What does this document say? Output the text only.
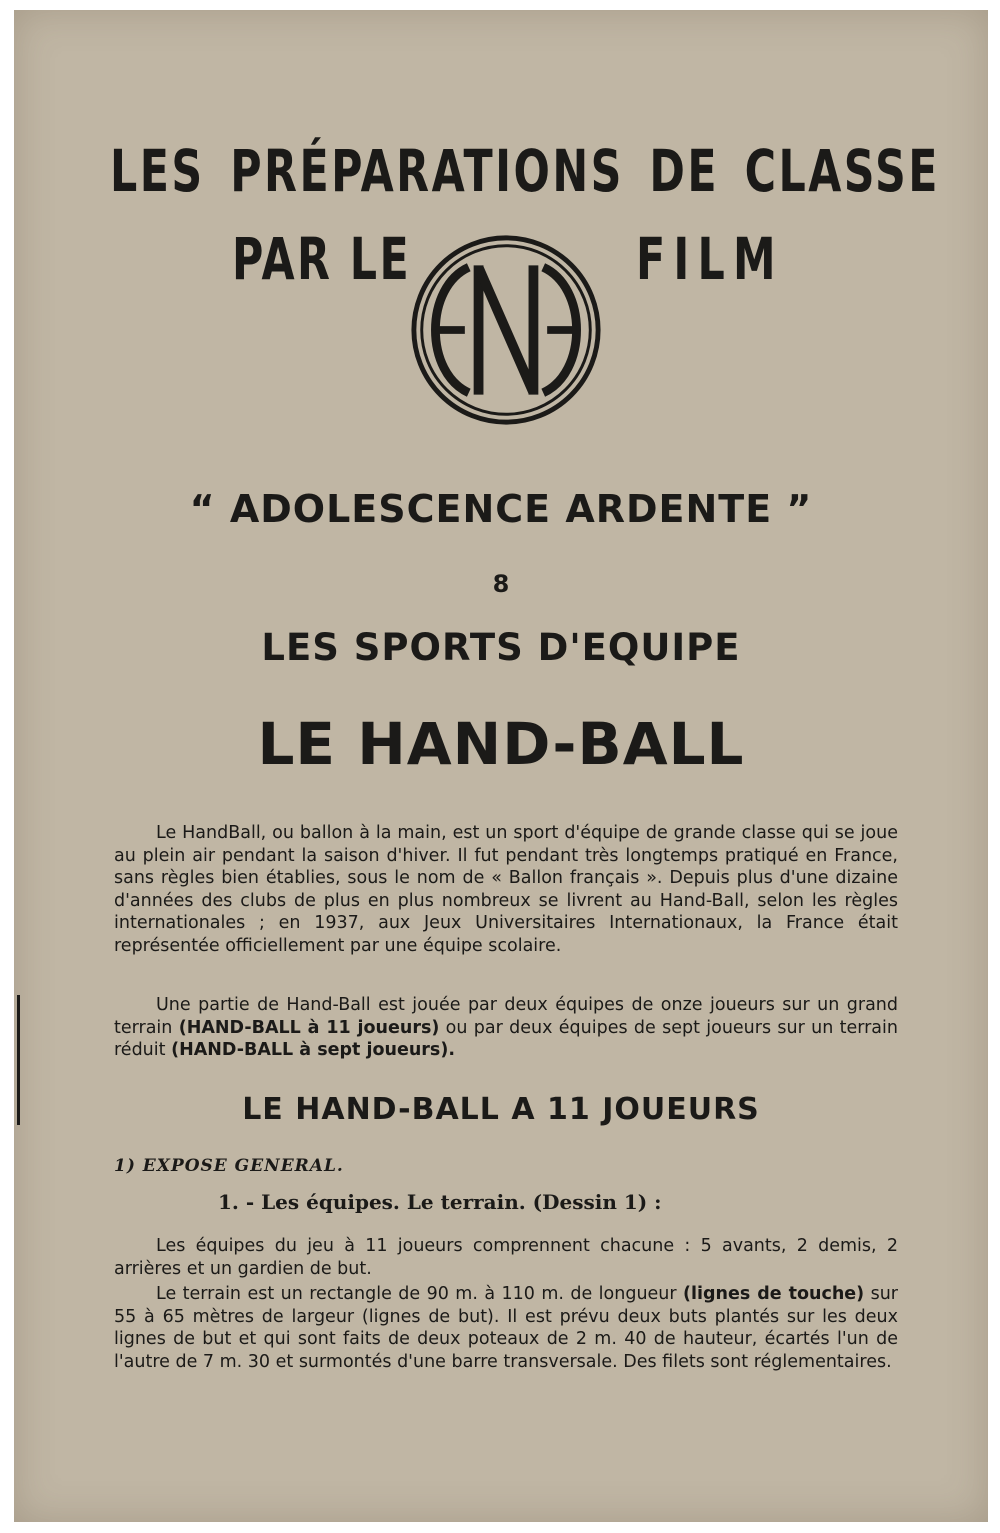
LES PRÉPARATIONS DE CLASSE
PAR LE	FILM
“ ADOLESCENCE ARDENTE ”
8
LES SPORTS D'EQUIPE
LE HAND-BALL

Le HandBall, ou ballon à la main, est un sport d'équipe de grande classe qui se joue au plein air pendant la saison d'hiver. Il fut pendant très longtemps pratiqué en France, sans règles bien établies, sous le nom de « Ballon français ». Depuis plus d'une dizaine d'années des clubs de plus en plus nombreux se livrent au Hand-Ball, selon les règles internationales ; en 1937, aux Jeux Universitaires Internationaux, la France était représentée officiellement par une équipe scolaire.

Une partie de Hand-Ball est jouée par deux équipes de onze joueurs sur un grand terrain (HAND-BALL à 11 joueurs) ou par deux équipes de sept joueurs sur un terrain réduit (HAND-BALL à sept joueurs).

LE HAND-BALL A 11 JOUEURS
1) EXPOSE GENERAL.
1. - Les équipes. Le terrain. (Dessin 1) :

Les équipes du jeu à 11 joueurs comprennent chacune : 5 avants, 2 demis, 2 arrières et un gardien de but.

Le terrain est un rectangle de 90 m. à 110 m. de longueur (lignes de touche) sur 55 à 65 mètres de largeur (lignes de but). Il est prévu deux buts plantés sur les deux lignes de but et qui sont faits de deux poteaux de 2 m. 40 de hauteur, écartés l'un de l'autre de 7 m. 30 et surmontés d'une barre transversale. Des filets sont réglementaires.
